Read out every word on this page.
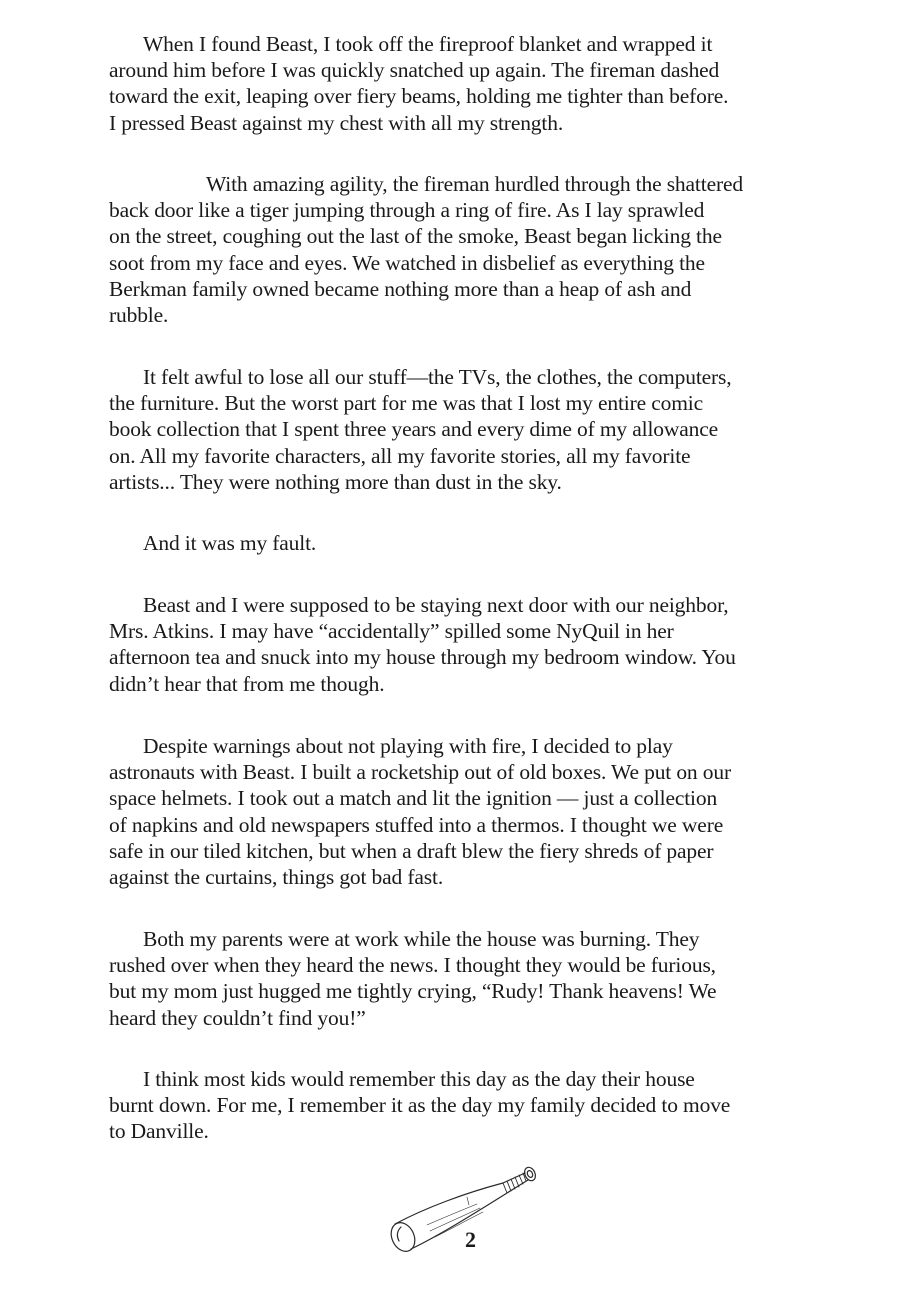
When I found Beast, I took off the fireproof blanket and wrapped it
around him before I was quickly snatched up again. The fireman dashed
toward the exit, leaping over fiery beams, holding me tighter than before.
I pressed Beast against my chest with all my strength.
With amazing agility, the fireman hurdled through the shattered
back door like a tiger jumping through a ring of fire. As I lay sprawled
on the street, coughing out the last of the smoke, Beast began licking the
soot from my face and eyes. We watched in disbelief as everything the
Berkman family owned became nothing more than a heap of ash and
rubble.
It felt awful to lose all our stuff—the TVs, the clothes, the computers,
the furniture. But the worst part for me was that I lost my entire comic
book collection that I spent three years and every dime of my allowance
on. All my favorite characters, all my favorite stories, all my favorite
artists... They were nothing more than dust in the sky.
And it was my fault.
Beast and I were supposed to be staying next door with our neighbor,
Mrs. Atkins. I may have “accidentally” spilled some NyQuil in her
afternoon tea and snuck into my house through my bedroom window. You
didn’t hear that from me though.
Despite warnings about not playing with fire, I decided to play
astronauts with Beast. I built a rocketship out of old boxes. We put on our
space helmets. I took out a match and lit the ignition — just a collection
of napkins and old newspapers stuffed into a thermos. I thought we were
safe in our tiled kitchen, but when a draft blew the fiery shreds of paper
against the curtains, things got bad fast.
Both my parents were at work while the house was burning. They
rushed over when they heard the news. I thought they would be furious,
but my mom just hugged me tightly crying, “Rudy! Thank heavens! We
heard they couldn’t find you!”
I think most kids would remember this day as the day their house
burnt down. For me, I remember it as the day my family decided to move
to Danville.
2
